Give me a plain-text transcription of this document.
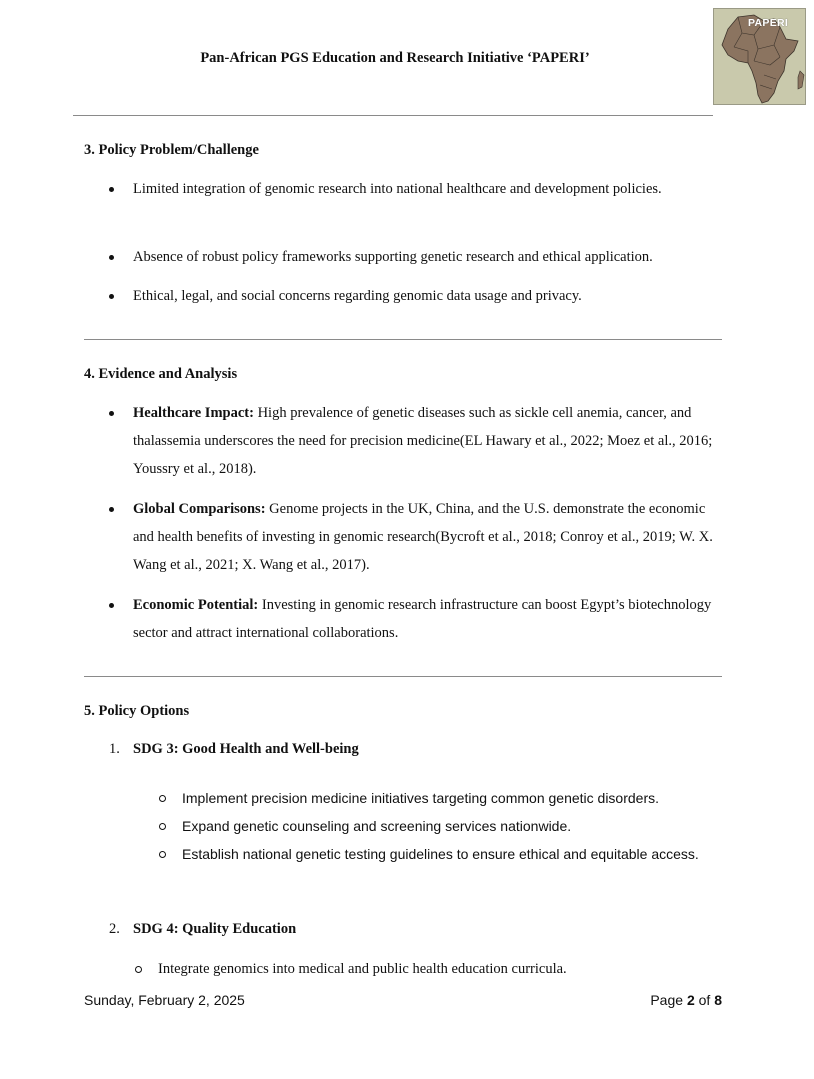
Pan-African PGS Education and Research Initiative ‘PAPERI’
PAPERI
3. Policy Problem/Challenge
Limited integration of genomic research into national healthcare and development policies.
Absence of robust policy frameworks supporting genetic research and ethical application.
Ethical, legal, and social concerns regarding genomic data usage and privacy.
4. Evidence and Analysis
Healthcare Impact: High prevalence of genetic diseases such as sickle cell anemia, cancer, and thalassemia underscores the need for precision medicine(EL Hawary et al., 2022; Moez et al., 2016; Youssry et al., 2018).
Global Comparisons: Genome projects in the UK, China, and the U.S. demonstrate the economic and health benefits of investing in genomic research(Bycroft et al., 2018; Conroy et al., 2019; W. X. Wang et al., 2021; X. Wang et al., 2017).
Economic Potential: Investing in genomic research infrastructure can boost Egypt’s biotechnology sector and attract international collaborations.
5. Policy Options
1. SDG 3: Good Health and Well-being
Implement precision medicine initiatives targeting common genetic disorders.
Expand genetic counseling and screening services nationwide.
Establish national genetic testing guidelines to ensure ethical and equitable access.
2. SDG 4: Quality Education
Integrate genomics into medical and public health education curricula.
Sunday, February 2, 2025	Page 2 of 8
